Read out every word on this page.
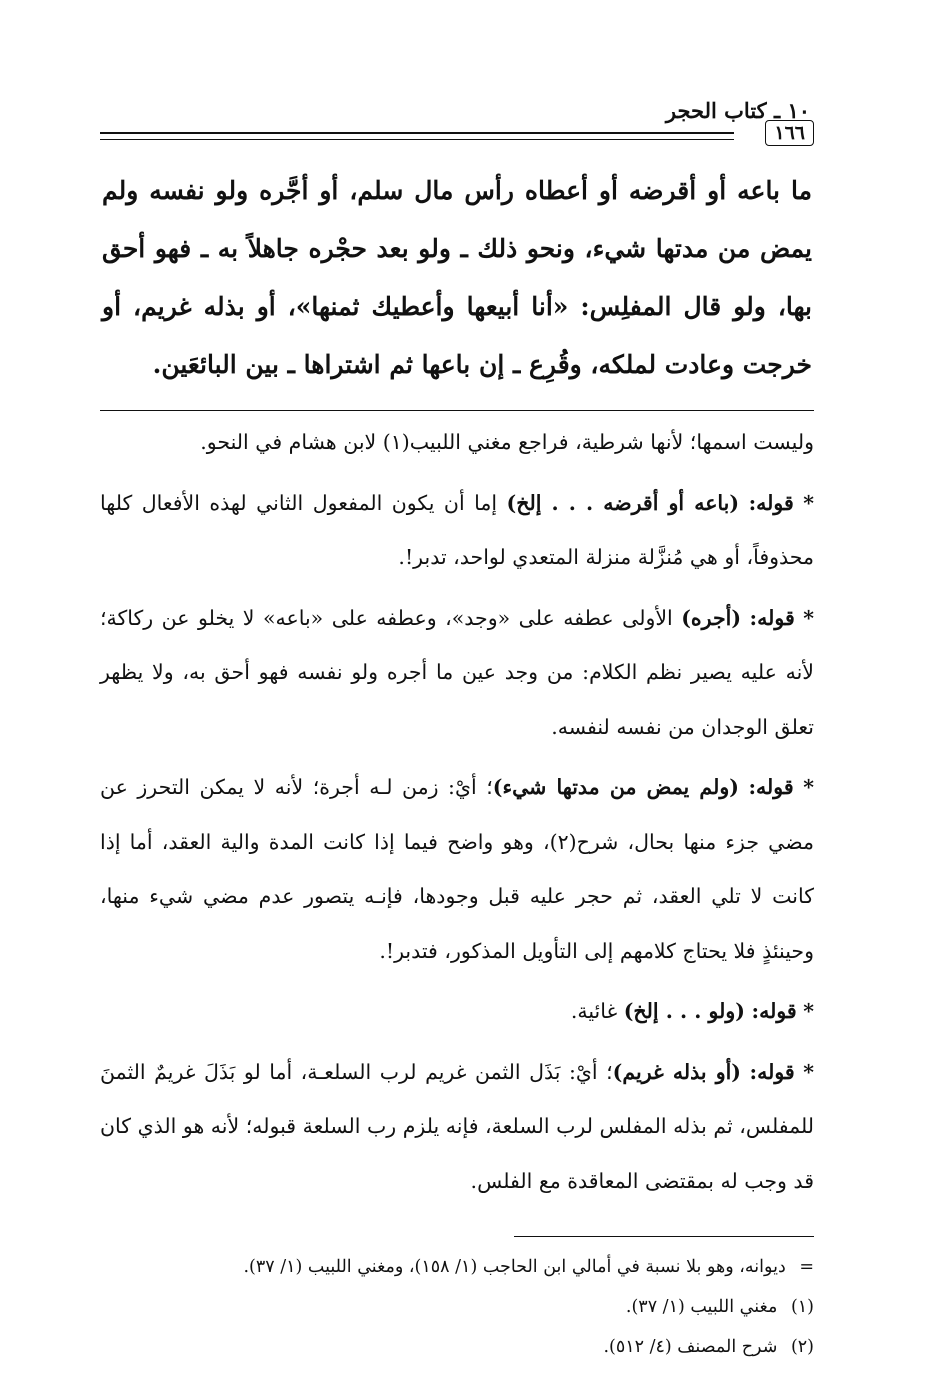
١٠ ـ كتاب الحجر
١٦٦

ما باعه أو أقرضه أو أعطاه رأس مال سلم، أو أجَّره ولو نفسه ولم يمض من مدتها شيء، ونحو ذلك ـ ولو بعد حجْره جاهلاً به ـ فهو أحق بها، ولو قال المفلِس: «أنا أبيعها وأعطيك ثمنها»، أو بذله غريم، أو خرجت وعادت لملكه، وقُرِع ـ إن باعها ثم اشتراها ـ بين البائعَين.

وليست اسمها؛ لأنها شرطية، فراجع مغني اللبيب(١) لابن هشام في النحو.

* قوله: (باعه أو أقرضه . . . إلخ) إما أن يكون المفعول الثاني لهذه الأفعال كلها محذوفاً، أو هي مُنزَّلة منزلة المتعدي لواحد، تدبر!.

* قوله: (أجره) الأولى عطفه على «وجد»، وعطفه على «باعه» لا يخلو عن ركاكة؛ لأنه عليه يصير نظم الكلام: من وجد عين ما أجره ولو نفسه فهو أحق به، ولا يظهر تعلق الوجدان من نفسه لنفسه.

* قوله: (ولم يمض من مدتها شيء)؛ أيْ: زمن لـه أجرة؛ لأنه لا يمكن التحرز عن مضي جزء منها بحال، شرح(٢)، وهو واضح فيما إذا كانت المدة والية العقد، أما إذا كانت لا تلي العقد، ثم حجر عليه قبل وجودها، فإنـه يتصور عدم مضي شيء منها، وحينئذٍ فلا يحتاج كلامهم إلى التأويل المذكور، فتدبر!.

* قوله: (ولو . . . إلخ) غائية.

* قوله: (أو بذله غريم)؛ أيْ: بَذَل الثمن غريم لرب السلعـة، أما لو بَذَلَ غريمٌ الثمنَ للمفلس، ثم بذله المفلس لرب السلعة، فإنه يلزم رب السلعة قبوله؛ لأنه هو الذي كان قد وجب له بمقتضى المعاقدة مع الفلس.

= ديوانه، وهو بلا نسبة في أمالي ابن الحاجب (١/ ١٥٨)، ومغني اللبيب (١/ ٣٧).

(١) مغني اللبيب (١/ ٣٧).

(٢) شرح المصنف (٤/ ٥١٢).
